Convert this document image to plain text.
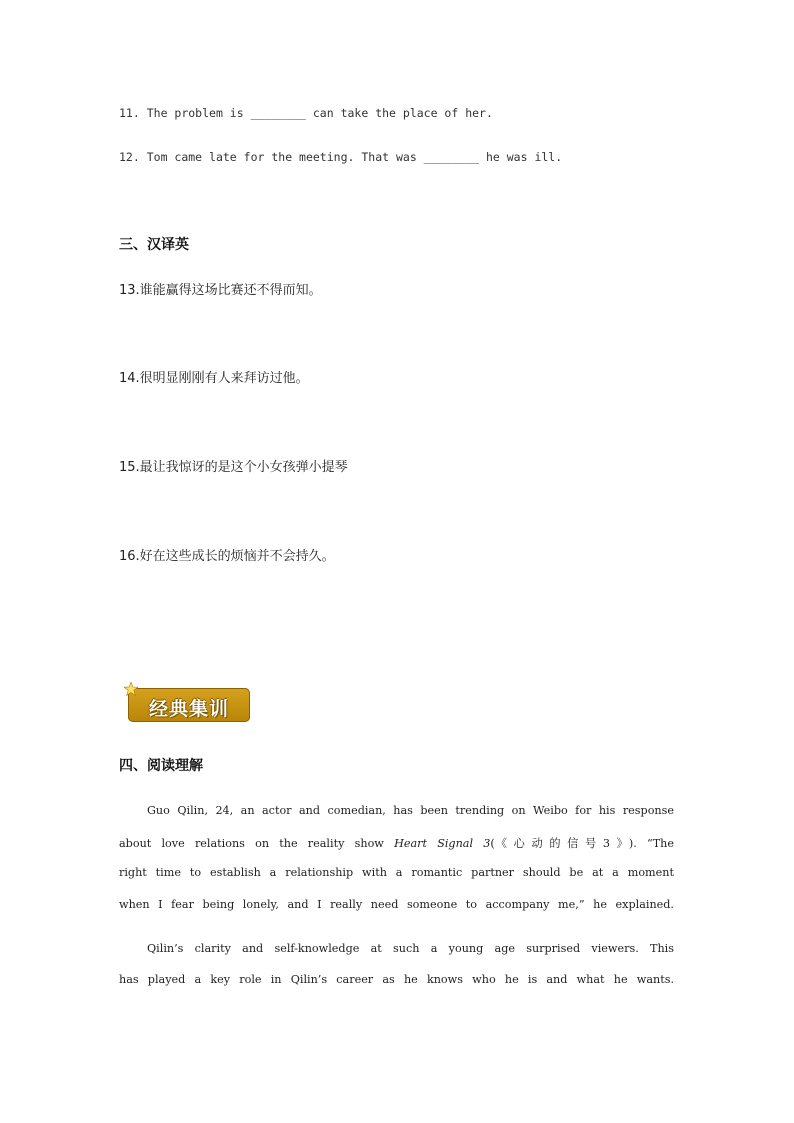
11. The problem is ________ can take the place of her.
12. Tom came late for the meeting. That was ________ he was ill.
三、汉译英
13.谁能赢得这场比赛还不得而知。
14.很明显刚刚有人来拜访过他。
15.最让我惊讶的是这个小女孩弹小提琴
16.好在这些成长的烦恼并不会持久。
经典集训
四、阅读理解
Guo Qilin, 24, an actor and comedian, has been trending on Weibo for his response
about love relations on the reality show Heart Signal 3(《心动的信号3》). “The
right time to establish a relationship with a romantic partner should be at a moment
when I fear being lonely, and I really need someone to accompany me,” he explained.
Qilin’s clarity and self-knowledge at such a young age surprised viewers. This
has played a key role in Qilin’s career as he knows who he is and what he wants.
